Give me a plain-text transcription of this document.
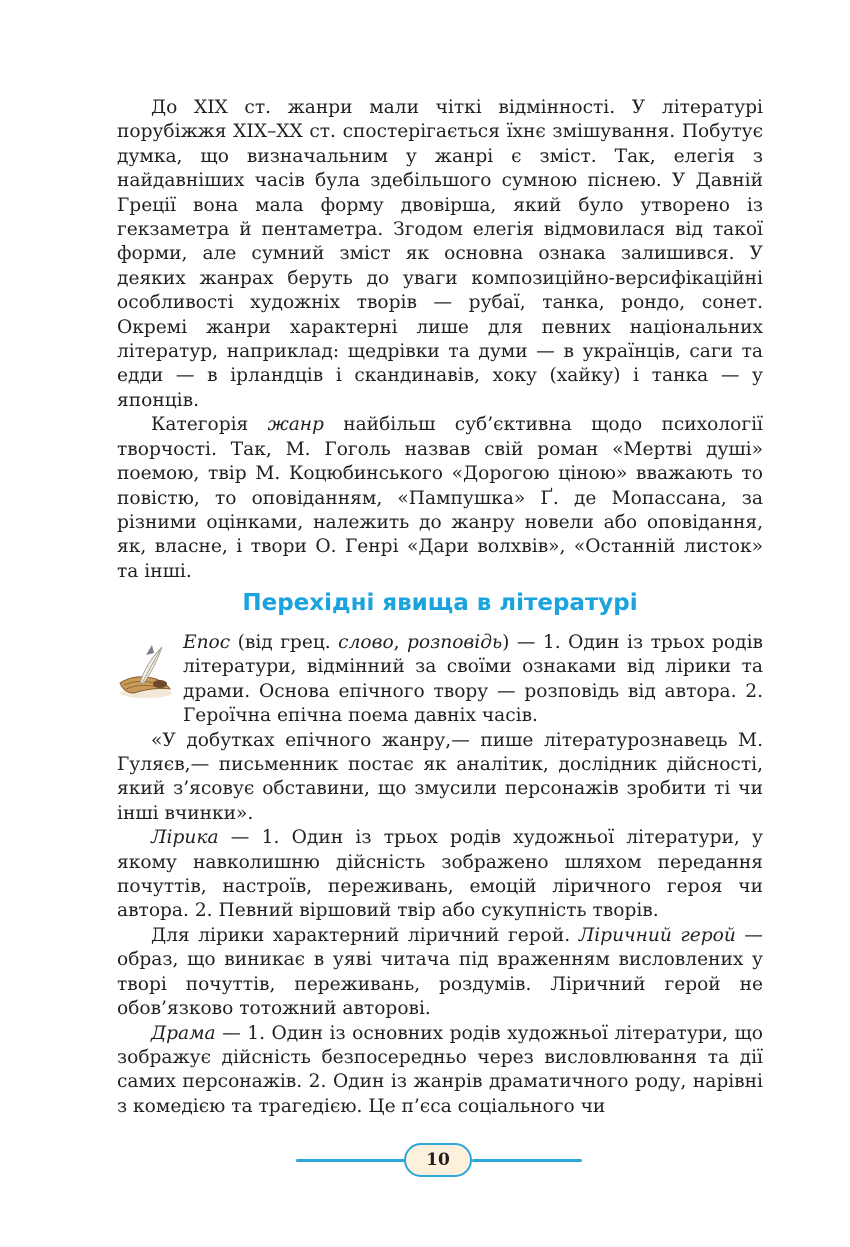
До XIX ст. жанри мали чіткі відмінності. У літературі порубіжжя XIX–XX ст. спостерігається їхнє змішування. Побутує думка, що визначальним у жанрі є зміст. Так, елегія з найдавніших часів була здебільшого сумною піснею. У Давній Греції вона мала форму двовірша, який було утворено із гекзаметра й пентаметра. Згодом елегія відмовилася від такої форми, але сумний зміст як основна ознака залишився. У деяких жанрах беруть до уваги композиційно-версифікаційні особливості художніх творів — рубаї, танка, рондо, сонет. Окремі жанри характерні лише для певних національних літератур, наприклад: щедрівки та думи — в українців, саги та едди — в ірландців і скандинавів, хоку (хайку) і танка — у японців.

Категорія жанр найбільш суб’єктивна щодо психології творчості. Так, М. Гоголь назвав свій роман «Мертві душі» поемою, твір М. Коцюбинського «Дорогою ціною» вважають то повістю, то оповіданням, «Пампушка» Ґ. де Мопассана, за різними оцінками, належить до жанру новели або оповідання, як, власне, і твори О. Генрі «Дари волхвів», «Останній листок» та інші.

Перехідні явища в літературі

Епос (від грец. слово, розповідь) — 1. Один із трьох родів літератури, відмінний за своїми ознаками від лірики та драми. Основа епічного твору — розповідь від автора. 2. Героїчна епічна поема давніх часів.

«У добутках епічного жанру,— пише літературознавець М. Гуляєв,— письменник постає як аналітик, дослідник дійсності, який з’ясовує обставини, що змусили персонажів зробити ті чи інші вчинки».

Лірика — 1. Один із трьох родів художньої літератури, у якому навколишню дійсність зображено шляхом передання почуттів, настроїв, переживань, емоцій ліричного героя чи автора. 2. Певний віршовий твір або сукупність творів.

Для лірики характерний ліричний герой. Ліричний герой — образ, що виникає в уяві читача під враженням висловлених у творі почуттів, переживань, роздумів. Ліричний герой не обов’язково тотожний авторові.

Драма — 1. Один із основних родів художньої літератури, що зображує дійсність безпосередньо через висловлювання та дії самих персонажів. 2. Один із жанрів драматичного роду, нарівні з комедією та трагедією. Це п’єса соціального чи

10
